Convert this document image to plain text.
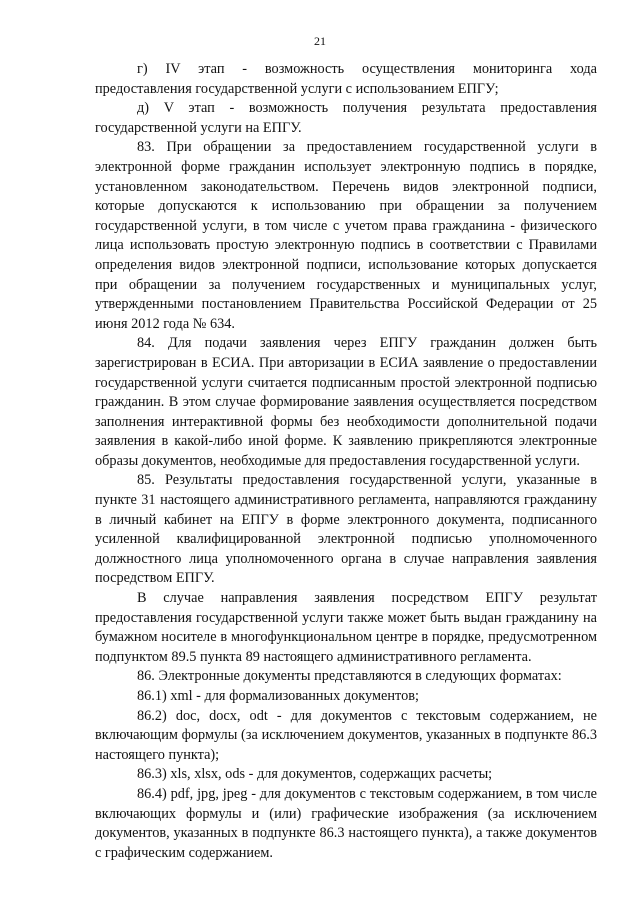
21

г) IV этап - возможность осуществления мониторинга хода предоставления государственной услуги с использованием ЕПГУ;

д) V этап - возможность получения результата предоставления государственной услуги на ЕПГУ.

83. При обращении за предоставлением государственной услуги в электронной форме гражданин использует электронную подпись в порядке, установленном законодательством. Перечень видов электронной подписи, которые допускаются к использованию при обращении за получением государственной услуги, в том числе с учетом права гражданина - физического лица использовать простую электронную подпись в соответствии с Правилами определения видов электронной подписи, использование которых допускается при обращении за получением государственных и муниципальных услуг, утвержденными постановлением Правительства Российской Федерации от 25 июня 2012 года № 634.

84. Для подачи заявления через ЕПГУ гражданин должен быть зарегистрирован в ЕСИА. При авторизации в ЕСИА заявление о предоставлении государственной услуги считается подписанным простой электронной подписью гражданин. В этом случае формирование заявления осуществляется посредством заполнения интерактивной формы без необходимости дополнительной подачи заявления в какой-либо иной форме. К заявлению прикрепляются электронные образы документов, необходимые для предоставления государственной услуги.

85. Результаты предоставления государственной услуги, указанные в пункте 31 настоящего административного регламента, направляются гражданину в личный кабинет на ЕПГУ в форме электронного документа, подписанного усиленной квалифицированной электронной подписью уполномоченного должностного лица уполномоченного органа в случае направления заявления посредством ЕПГУ.

В случае направления заявления посредством ЕПГУ результат предоставления государственной услуги также может быть выдан гражданину на бумажном носителе в многофункциональном центре в порядке, предусмотренном подпунктом 89.5 пункта 89 настоящего административного регламента.

86. Электронные документы представляются в следующих форматах:

86.1) xml - для формализованных документов;

86.2) doc, docx, odt - для документов с текстовым содержанием, не включающим формулы (за исключением документов, указанных в подпункте 86.3 настоящего пункта);

86.3) xls, xlsx, ods - для документов, содержащих расчеты;

86.4) pdf, jpg, jpeg - для документов с текстовым содержанием, в том числе включающих формулы и (или) графические изображения (за исключением документов, указанных в подпункте 86.3 настоящего пункта), а также документов с графическим содержанием.
